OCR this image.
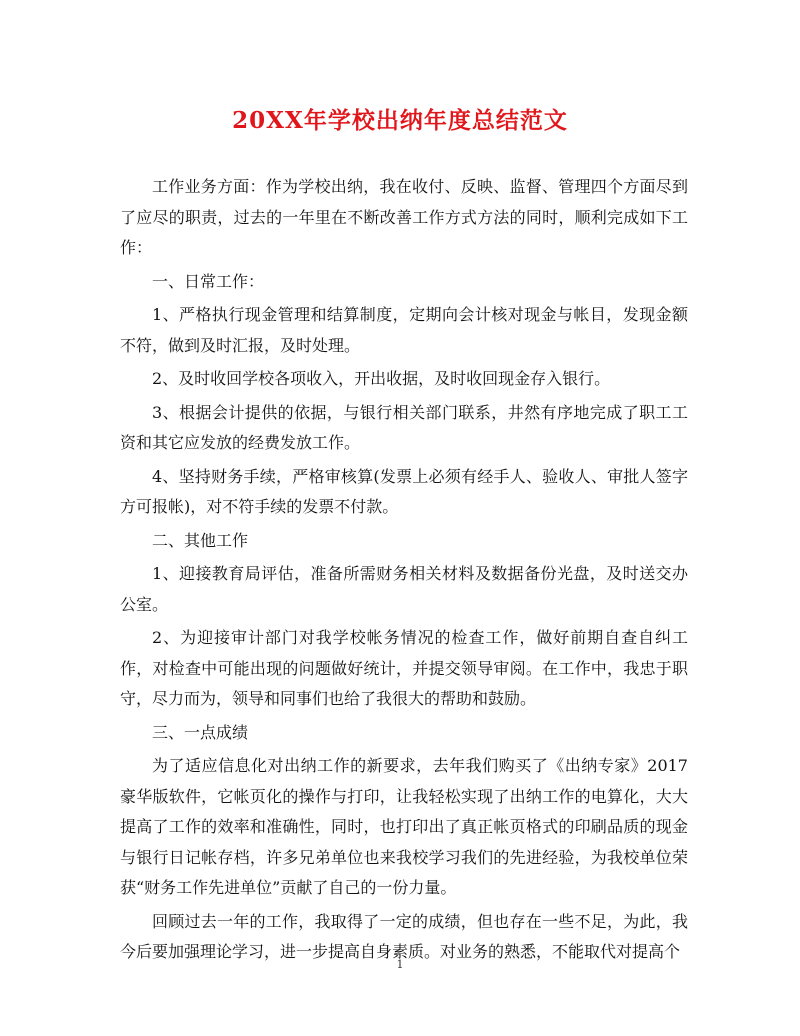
20XX年学校出纳年度总结范文

工作业务方面：作为学校出纳，我在收付、反映、监督、管理四个方面尽到了应尽的职责，过去的一年里在不断改善工作方式方法的同时，顺利完成如下工作：

一、日常工作：

1、严格执行现金管理和结算制度，定期向会计核对现金与帐目，发现金额不符，做到及时汇报，及时处理。

2、及时收回学校各项收入，开出收据，及时收回现金存入银行。

3、根据会计提供的依据，与银行相关部门联系，井然有序地完成了职工工资和其它应发放的经费发放工作。

4、坚持财务手续，严格审核算(发票上必须有经手人、验收人、审批人签字方可报帐)，对不符手续的发票不付款。

二、其他工作

1、迎接教育局评估，准备所需财务相关材料及数据备份光盘，及时送交办公室。

2、为迎接审计部门对我学校帐务情况的检查工作，做好前期自查自纠工作，对检查中可能出现的问题做好统计，并提交领导审阅。在工作中，我忠于职守，尽力而为，领导和同事们也给了我很大的帮助和鼓励。

三、一点成绩

为了适应信息化对出纳工作的新要求，去年我们购买了《出纳专家》2017豪华版软件，它帐页化的操作与打印，让我轻松实现了出纳工作的电算化，大大提高了工作的效率和准确性，同时，也打印出了真正帐页格式的印刷品质的现金与银行日记帐存档，许多兄弟单位也来我校学习我们的先进经验，为我校单位荣获“财务工作先进单位”贡献了自己的一份力量。

回顾过去一年的工作，我取得了一定的成绩，但也存在一些不足，为此，我今后要加强理论学习，进一步提高自身素质。对业务的熟悉，不能取代对提高个

1
